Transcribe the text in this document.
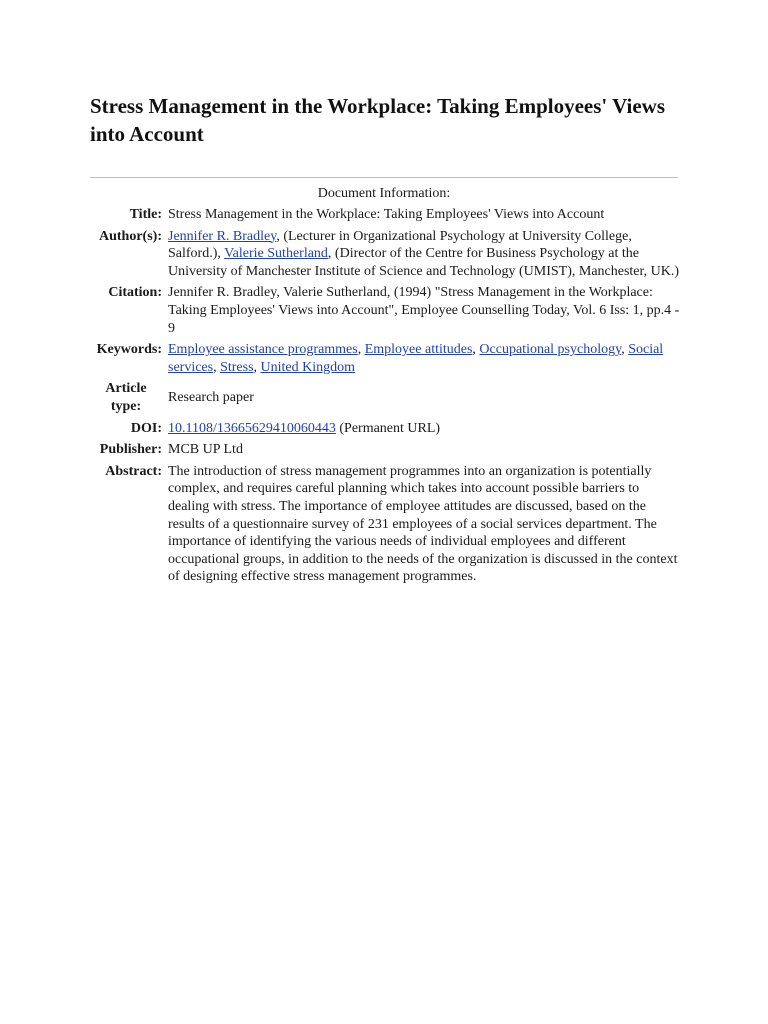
Stress Management in the Workplace: Taking Employees' Views into Account
Document Information:
Title:	Stress Management in the Workplace: Taking Employees' Views into Account
Author(s):	Jennifer R. Bradley, (Lecturer in Organizational Psychology at University College, Salford.), Valerie Sutherland, (Director of the Centre for Business Psychology at the University of Manchester Institute of Science and Technology (UMIST), Manchester, UK.)
Citation:	Jennifer R. Bradley, Valerie Sutherland, (1994) "Stress Management in the Workplace: Taking Employees' Views into Account", Employee Counselling Today, Vol. 6 Iss: 1, pp.4 - 9
Keywords:	Employee assistance programmes, Employee attitudes, Occupational psychology, Social services, Stress, United Kingdom
Article type:	Research paper
DOI:	10.1108/13665629410060443 (Permanent URL)
Publisher:	MCB UP Ltd
Abstract:	The introduction of stress management programmes into an organization is potentially complex, and requires careful planning which takes into account possible barriers to dealing with stress. The importance of employee attitudes are discussed, based on the results of a questionnaire survey of 231 employees of a social services department. The importance of identifying the various needs of individual employees and different occupational groups, in addition to the needs of the organization is discussed in the context of designing effective stress management programmes.
